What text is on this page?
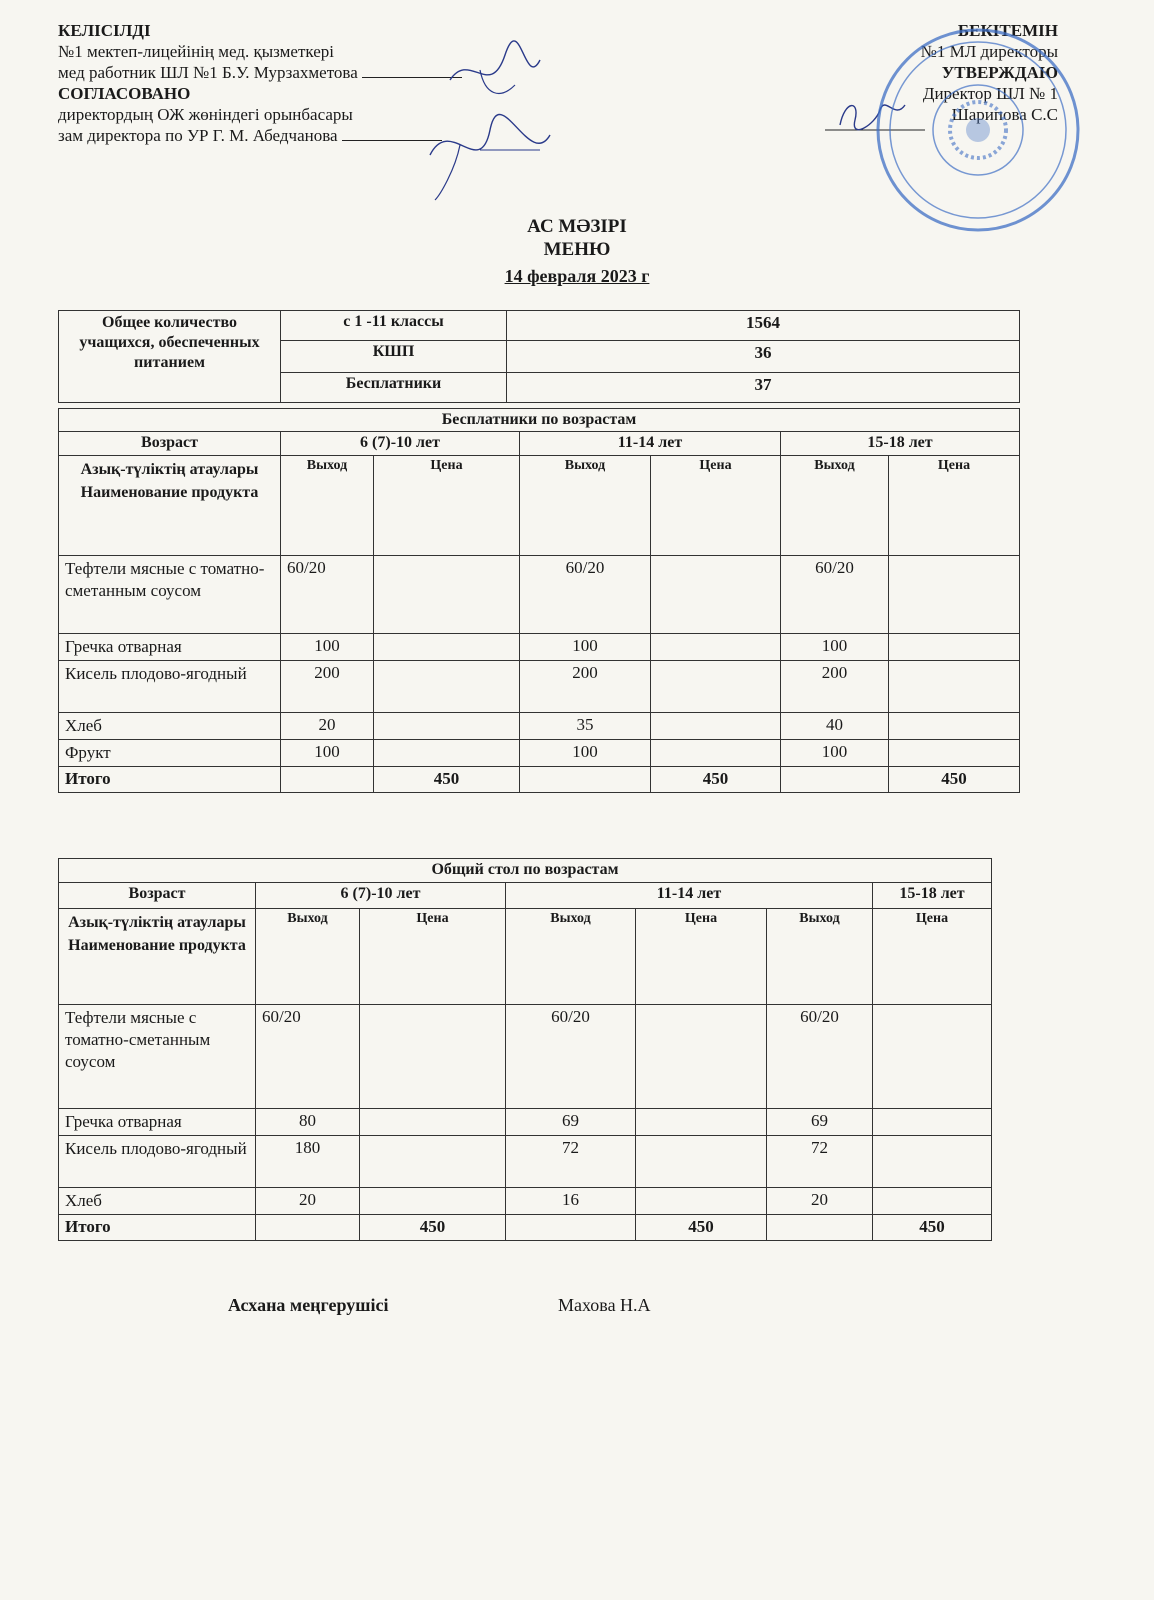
КЕЛІСІЛДІ
№1 мектеп-лицейінің мед. қызметкері
мед работник ШЛ №1 Б.У. Мурзахметова
СОГЛАСОВАНО
директордың ОЖ жөніндегі орынбасары
зам директора по УР Г. М. Абедчанова
БЕКІТЕМІН
№1 МЛ директоры
УТВЕРЖДАЮ
Директор ШЛ № 1
Шарипова С.С
АС МӘЗІРІ
МЕНЮ
14 февраля 2023 г
Общее количество учащихся, обеспеченных питанием	с 1 -11 классы	1564
	КШП	36
	Бесплатники	37
Бесплатники по возрастам						
Возраст	6 (7)-10 лет		11-14 лет		15-18 лет	
Азық-түліктің атаулары Наименование продукта	Выход	Цена	Выход	Цена	Выход	Цена
Тефтели мясные с томатно-сметанным соусом	60/20		60/20		60/20	
Гречка отварная	100		100		100	
Кисель плодово-ягодный	200		200		200	
Хлеб	20		35		40	
Фрукт	100		100		100	
Итого		450		450		450
Общий стол по возрастам						
Возраст	6 (7)-10 лет		11-14 лет			15-18 лет
Азық-түліктің атаулары Наименование продукта	Выход	Цена	Выход	Цена	Выход	Цена
Тефтели мясные с томатно-сметанным соусом	60/20		60/20		60/20	
Гречка отварная	80		69		69	
Кисель плодово-ягодный	180		72		72	
Хлеб	20		16		20	
Итого		450		450		450
Асхана меңгерушісі	Махова Н.А
